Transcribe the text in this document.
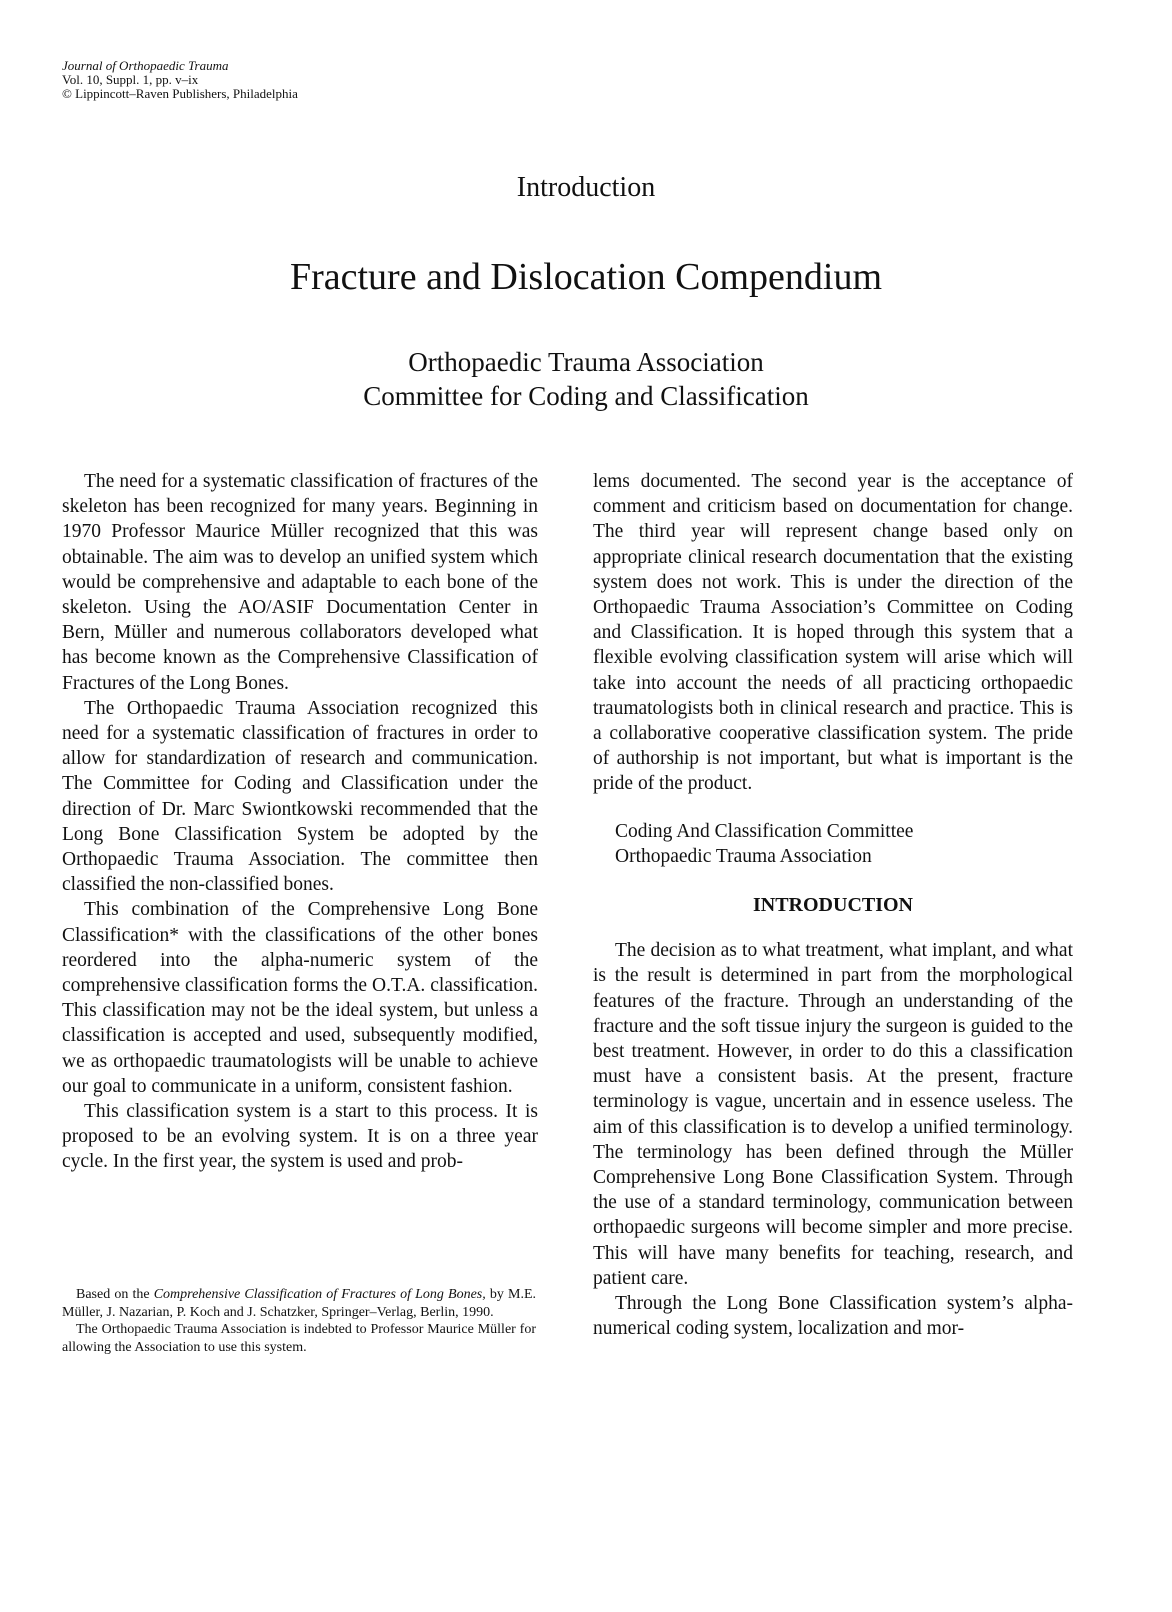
Journal of Orthopaedic Trauma
Vol. 10, Suppl. 1, pp. v–ix
© Lippincott–Raven Publishers, Philadelphia
Introduction
Fracture and Dislocation Compendium
Orthopaedic Trauma Association
Committee for Coding and Classification

The need for a systematic classification of fractures of the skeleton has been recognized for many years. Beginning in 1970 Professor Maurice Müller recognized that this was obtainable. The aim was to develop an unified system which would be comprehensive and adaptable to each bone of the skeleton. Using the AO/ASIF Documentation Center in Bern, Müller and numerous collaborators developed what has become known as the Comprehensive Classification of Fractures of the Long Bones.

The Orthopaedic Trauma Association recognized this need for a systematic classification of fractures in order to allow for standardization of research and communication. The Committee for Coding and Classification under the direction of Dr. Marc Swiontkowski recommended that the Long Bone Classification System be adopted by the Orthopaedic Trauma Association. The committee then classified the non-classified bones.

This combination of the Comprehensive Long Bone Classification* with the classifications of the other bones reordered into the alpha-numeric system of the comprehensive classification forms the O.T.A. classification. This classification may not be the ideal system, but unless a classification is accepted and used, subsequently modified, we as orthopaedic traumatologists will be unable to achieve our goal to communicate in a uniform, consistent fashion.

This classification system is a start to this process. It is proposed to be an evolving system. It is on a three year cycle. In the first year, the system is used and prob-

lems documented. The second year is the acceptance of comment and criticism based on documentation for change. The third year will represent change based only on appropriate clinical research documentation that the existing system does not work. This is under the direction of the Orthopaedic Trauma Association’s Committee on Coding and Classification. It is hoped through this system that a flexible evolving classification system will arise which will take into account the needs of all practicing orthopaedic traumatologists both in clinical research and practice. This is a collaborative cooperative classification system. The pride of authorship is not important, but what is important is the pride of the product.

Coding And Classification Committee
Orthopaedic Trauma Association
INTRODUCTION

The decision as to what treatment, what implant, and what is the result is determined in part from the morphological features of the fracture. Through an understanding of the fracture and the soft tissue injury the surgeon is guided to the best treatment. However, in order to do this a classification must have a consistent basis. At the present, fracture terminology is vague, uncertain and in essence useless. The aim of this classification is to develop a unified terminology. The terminology has been defined through the Müller Comprehensive Long Bone Classification System. Through the use of a standard terminology, communication between orthopaedic surgeons will become simpler and more precise. This will have many benefits for teaching, research, and patient care.

Through the Long Bone Classification system’s alpha-numerical coding system, localization and mor-

Based on the Comprehensive Classification of Fractures of Long Bones, by M.E. Müller, J. Nazarian, P. Koch and J. Schatzker, Springer–Verlag, Berlin, 1990.

The Orthopaedic Trauma Association is indebted to Professor Maurice Müller for allowing the Association to use this system.
